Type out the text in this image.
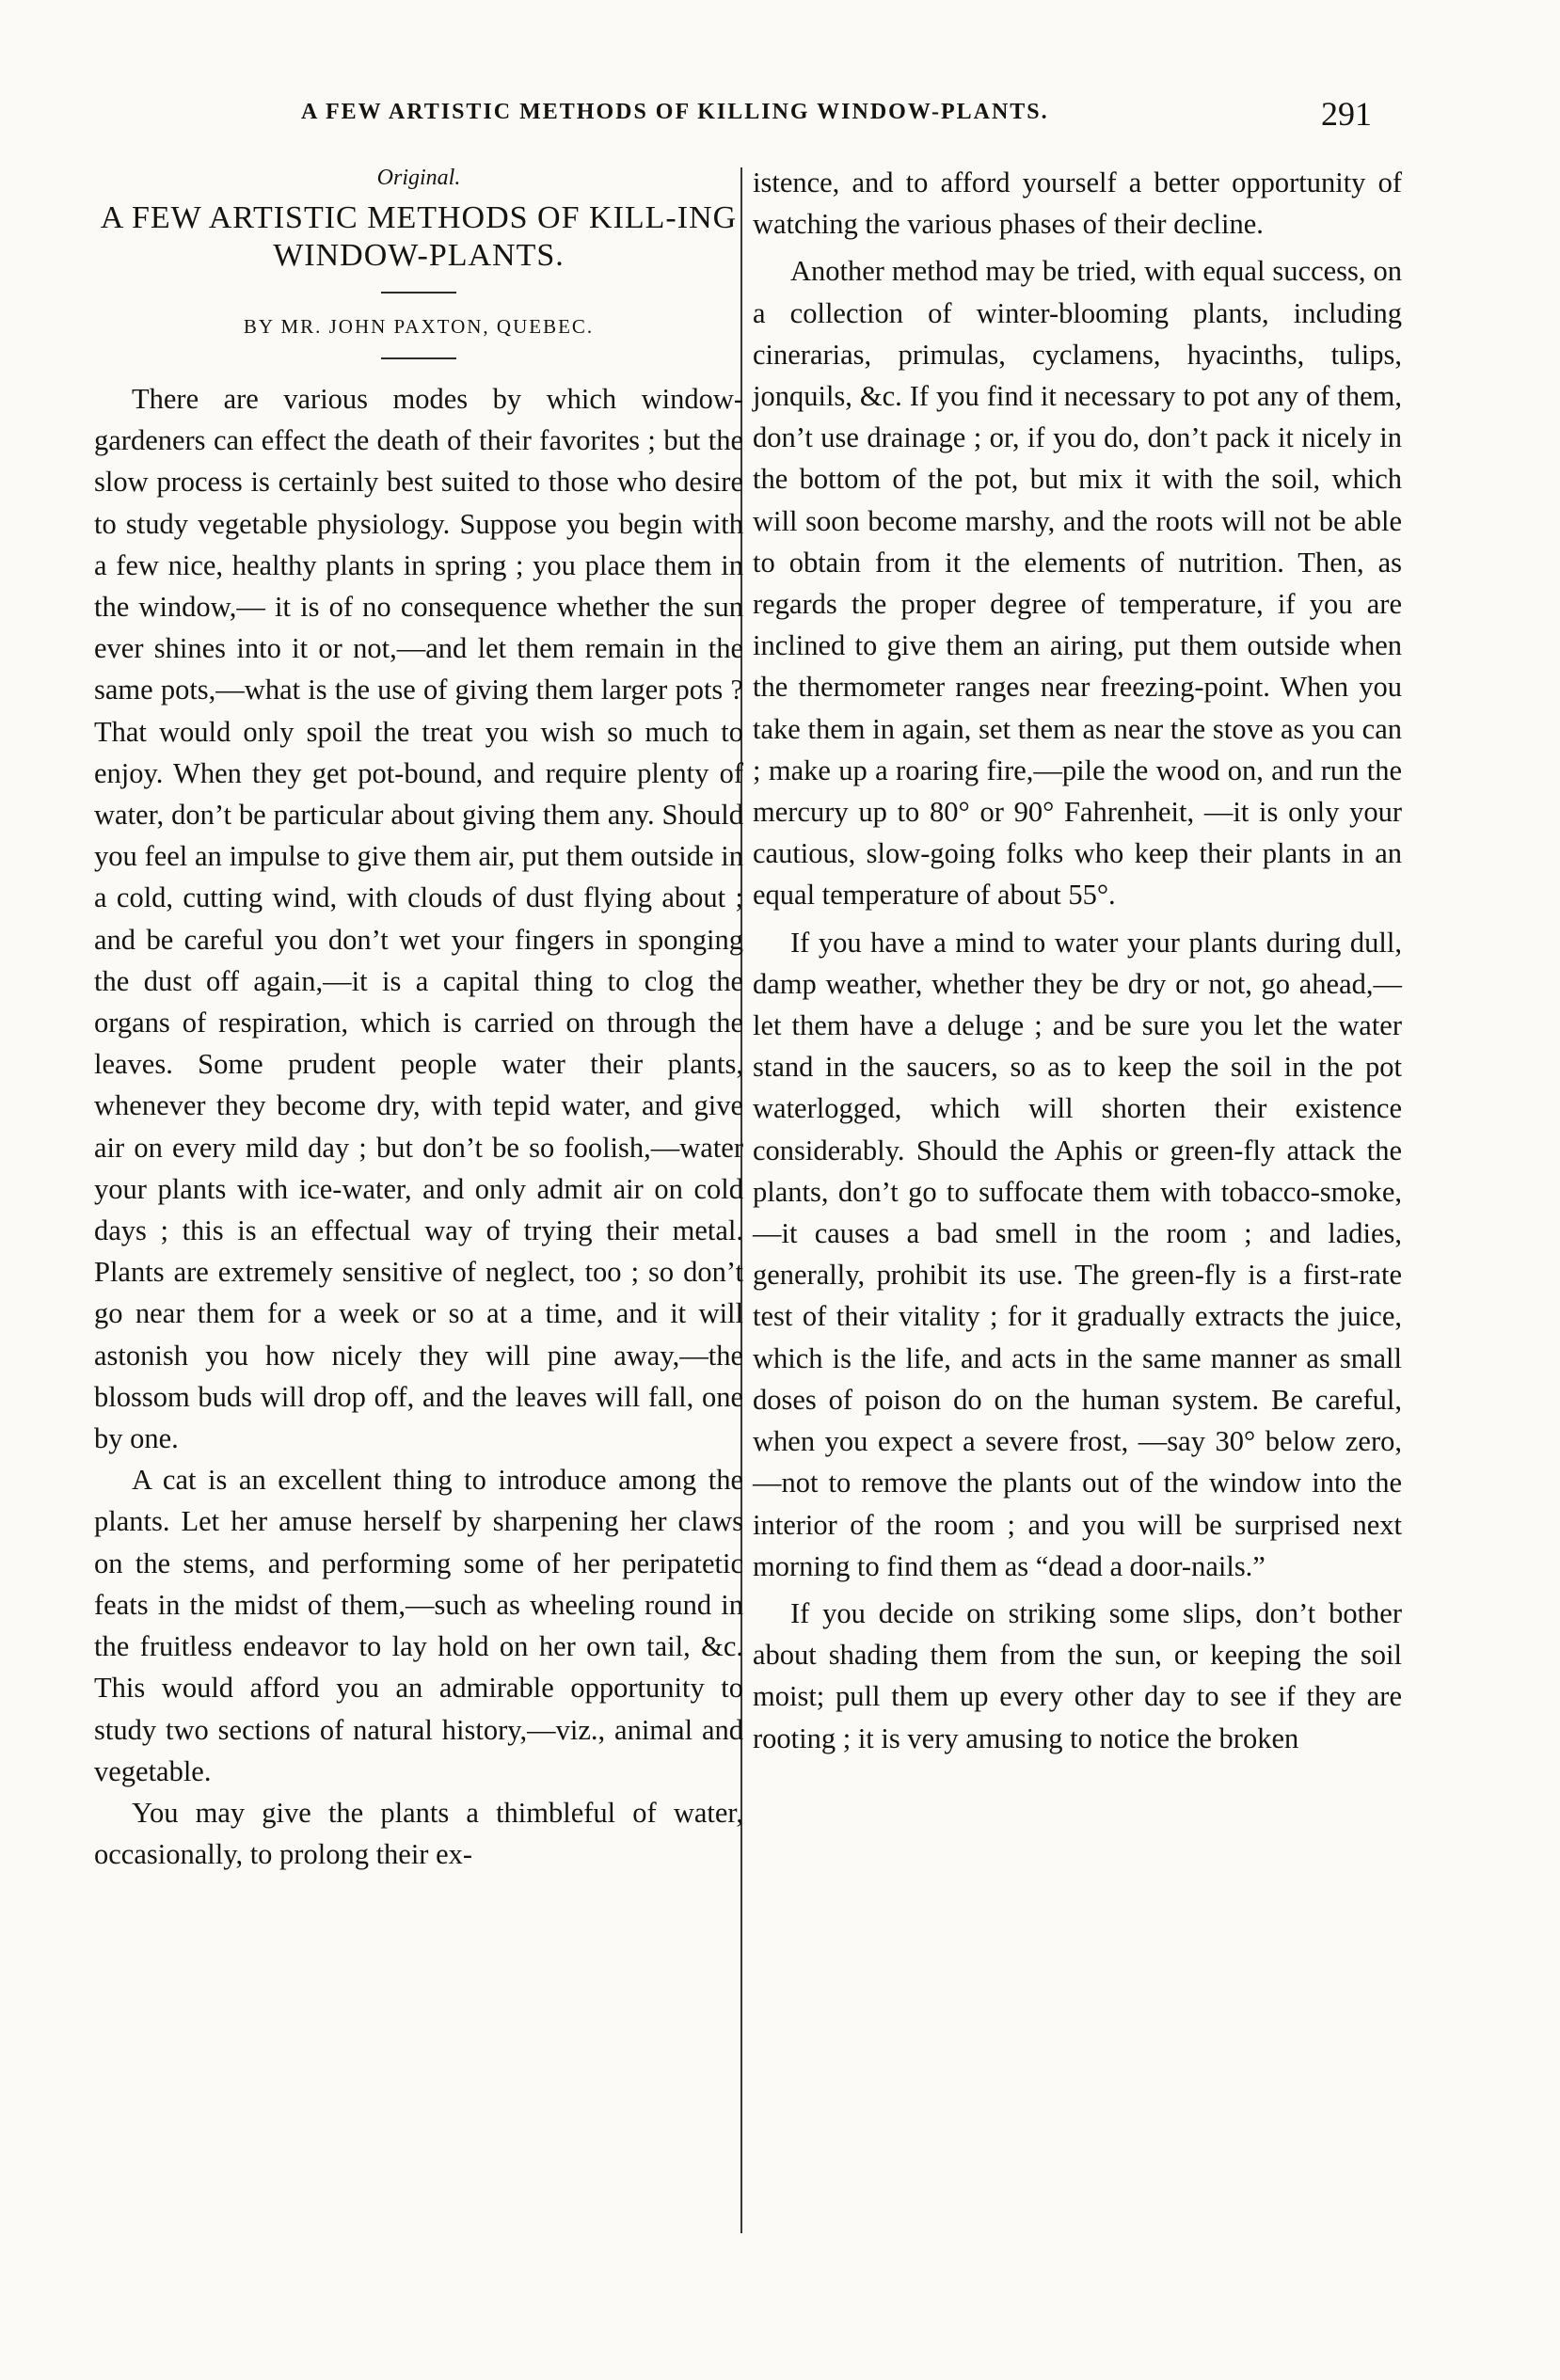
A FEW ARTISTIC METHODS OF KILLING WINDOW-PLANTS.	291
Original.
A FEW ARTISTIC METHODS OF KILL-ING WINDOW-PLANTS.
BY MR. JOHN PAXTON, QUEBEC.

There are various modes by which window-gardeners can effect the death of their favorites ; but the slow process is certainly best suited to those who desire to study vegetable physiology. Suppose you begin with a few nice, healthy plants in spring ; you place them in the window,— it is of no consequence whether the sun ever shines into it or not,—and let them remain in the same pots,—what is the use of giving them larger pots ? That would only spoil the treat you wish so much to enjoy. When they get pot-bound, and require plenty of water, don’t be particular about giving them any. Should you feel an impulse to give them air, put them outside in a cold, cutting wind, with clouds of dust flying about ; and be careful you don’t wet your fingers in sponging the dust off again,—it is a capital thing to clog the organs of respiration, which is carried on through the leaves. Some prudent people water their plants, whenever they become dry, with tepid water, and give air on every mild day ; but don’t be so foolish,—water your plants with ice-water, and only admit air on cold days ; this is an effectual way of trying their metal. Plants are extremely sensitive of neglect, too ; so don’t go near them for a week or so at a time, and it will astonish you how nicely they will pine away,—the blossom buds will drop off, and the leaves will fall, one by one.

A cat is an excellent thing to introduce among the plants. Let her amuse herself by sharpening her claws on the stems, and performing some of her peripatetic feats in the midst of them,—such as wheeling round in the fruitless endeavor to lay hold on her own tail, &c. This would afford you an admirable opportunity to study two sections of natural history,—viz., animal and vegetable.

You may give the plants a thimbleful of water, occasionally, to prolong their ex-

istence, and to afford yourself a better opportunity of watching the various phases of their decline.

Another method may be tried, with equal success, on a collection of winter-blooming plants, including cinerarias, primulas, cyclamens, hyacinths, tulips, jonquils, &c. If you find it necessary to pot any of them, don’t use drainage ; or, if you do, don’t pack it nicely in the bottom of the pot, but mix it with the soil, which will soon become marshy, and the roots will not be able to obtain from it the elements of nutrition. Then, as regards the proper degree of temperature, if you are inclined to give them an airing, put them outside when the thermometer ranges near freezing-point. When you take them in again, set them as near the stove as you can ; make up a roaring fire,—pile the wood on, and run the mercury up to 80° or 90° Fahrenheit, —it is only your cautious, slow-going folks who keep their plants in an equal temperature of about 55°.

If you have a mind to water your plants during dull, damp weather, whether they be dry or not, go ahead,—let them have a deluge ; and be sure you let the water stand in the saucers, so as to keep the soil in the pot waterlogged, which will shorten their existence considerably. Should the Aphis or green-fly attack the plants, don’t go to suffocate them with tobacco-smoke,—it causes a bad smell in the room ; and ladies, generally, prohibit its use. The green-fly is a first-rate test of their vitality ; for it gradually extracts the juice, which is the life, and acts in the same manner as small doses of poison do on the human system. Be careful, when you expect a severe frost, —say 30° below zero,—not to remove the plants out of the window into the interior of the room ; and you will be surprised next morning to find them as “dead a door-nails.”

If you decide on striking some slips, don’t bother about shading them from the sun, or keeping the soil moist; pull them up every other day to see if they are rooting ; it is very amusing to notice the broken
